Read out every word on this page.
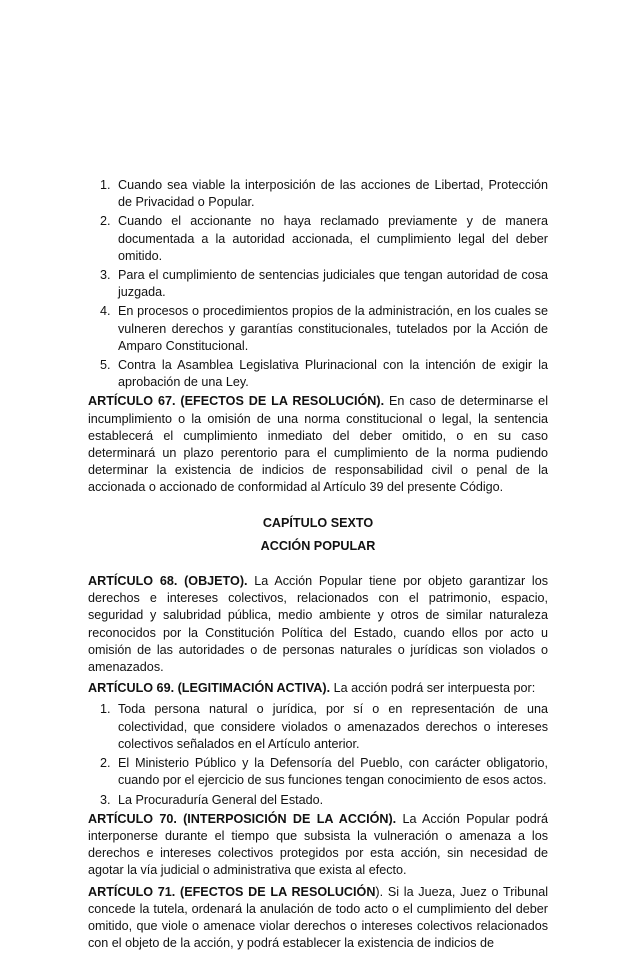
1. Cuando sea viable la interposición de las acciones de Libertad, Protección de Privacidad o Popular.
2. Cuando el accionante no haya reclamado previamente y de manera documentada a la autoridad accionada, el cumplimiento legal del deber omitido.
3. Para el cumplimiento de sentencias judiciales que tengan autoridad de cosa juzgada.
4. En procesos o procedimientos propios de la administración, en los cuales se vulneren derechos y garantías constitucionales, tutelados por la Acción de Amparo Constitucional.
5. Contra la Asamblea Legislativa Plurinacional con la intención de exigir la aprobación de una Ley.

ARTÍCULO 67. (EFECTOS DE LA RESOLUCIÓN). En caso de determinarse el incumplimiento o la omisión de una norma constitucional o legal, la sentencia establecerá el cumplimiento inmediato del deber omitido, o en su caso determinará un plazo perentorio para el cumplimiento de la norma pudiendo determinar la existencia de indicios de responsabilidad civil o penal de la accionada o accionado de conformidad al Artículo 39 del presente Código.

CAPÍTULO SEXTO

ACCIÓN POPULAR

ARTÍCULO 68. (OBJETO). La Acción Popular tiene por objeto garantizar los derechos e intereses colectivos, relacionados con el patrimonio, espacio, seguridad y salubridad pública, medio ambiente y otros de similar naturaleza reconocidos por la Constitución Política del Estado, cuando ellos por acto u omisión de las autoridades o de personas naturales o jurídicas son violados o amenazados.

ARTÍCULO 69. (LEGITIMACIÓN ACTIVA). La acción podrá ser interpuesta por:

1. Toda persona natural o jurídica, por sí o en representación de una colectividad, que considere violados o amenazados derechos o intereses colectivos señalados en el Artículo anterior.
2. El Ministerio Público y la Defensoría del Pueblo, con carácter obligatorio, cuando por el ejercicio de sus funciones tengan conocimiento de esos actos.
3. La Procuraduría General del Estado.

ARTÍCULO 70. (INTERPOSICIÓN DE LA ACCIÓN). La Acción Popular podrá interponerse durante el tiempo que subsista la vulneración o amenaza a los derechos e intereses colectivos protegidos por esta acción, sin necesidad de agotar la vía judicial o administrativa que exista al efecto.

ARTÍCULO 71. (EFECTOS DE LA RESOLUCIÓN). Si la Jueza, Juez o Tribunal concede la tutela, ordenará la anulación de todo acto o el cumplimiento del deber omitido, que viole o amenace violar derechos o intereses colectivos relacionados con el objeto de la acción, y podrá establecer la existencia de indicios de
